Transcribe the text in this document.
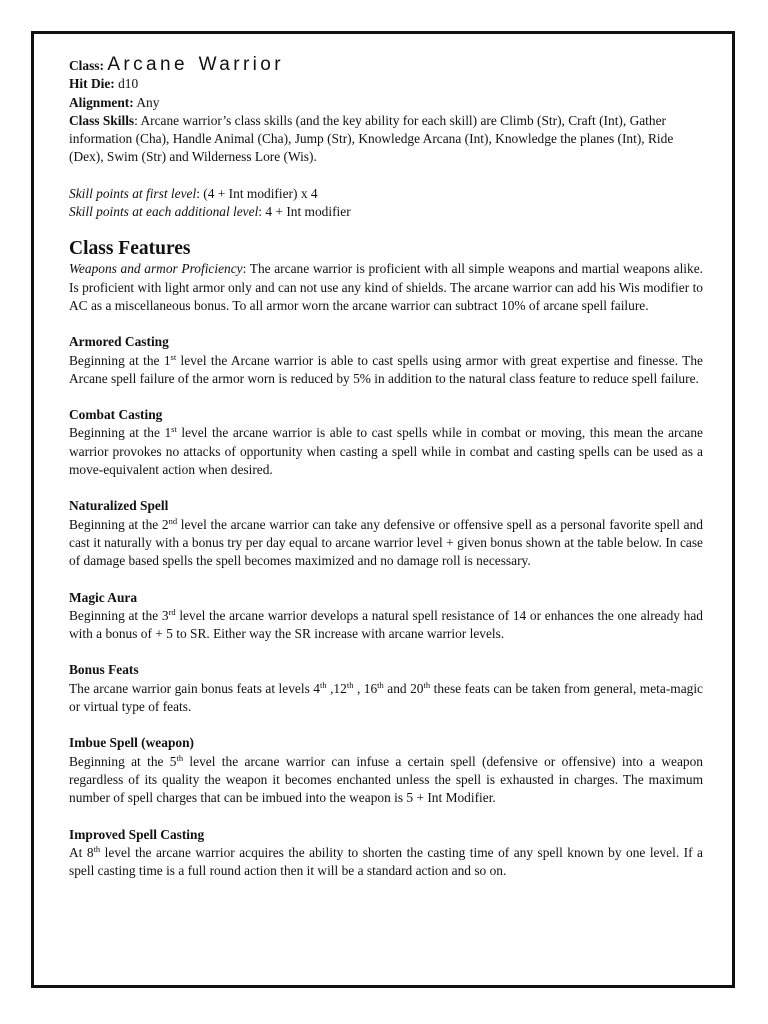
Class: Arcane Warrior

Hit Die: d10

Alignment: Any

Class Skills: Arcane warrior’s class skills (and the key ability for each skill) are Climb (Str), Craft (Int), Gather information (Cha), Handle Animal (Cha), Jump (Str), Knowledge Arcana (Int), Knowledge the planes (Int), Ride (Dex), Swim (Str) and Wilderness Lore (Wis).

Skill points at first level: (4 + Int modifier) x 4

Skill points at each additional level: 4 + Int modifier

Class Features

Weapons and armor Proficiency: The arcane warrior is proficient with all simple weapons and martial weapons alike. Is proficient with light armor only and can not use any kind of shields. The arcane warrior can add his Wis modifier to AC as a miscellaneous bonus. To all armor worn the arcane warrior can subtract 10% of arcane spell failure.

Armored Casting

Beginning at the 1st level the Arcane warrior is able to cast spells using armor with great expertise and finesse. The Arcane spell failure of the armor worn is reduced by 5% in addition to the natural class feature to reduce spell failure.

Combat Casting

Beginning at the 1st level the arcane warrior is able to cast spells while in combat or moving, this mean the arcane warrior provokes no attacks of opportunity when casting a spell while in combat and casting spells can be used as a move-equivalent action when desired.

Naturalized Spell

Beginning at the 2nd level the arcane warrior can take any defensive or offensive spell as a personal favorite spell and cast it naturally with a bonus try per day equal to arcane warrior level + given bonus shown at the table below. In case of damage based spells the spell becomes maximized and no damage roll is necessary.

Magic Aura

Beginning at the 3rd level the arcane warrior develops a natural spell resistance of 14 or enhances the one already had with a bonus of + 5 to SR. Either way the SR increase with arcane warrior levels.

Bonus Feats

The arcane warrior gain bonus feats at levels 4th ,12th , 16th and 20th these feats can be taken from general, meta-magic or virtual type of feats.

Imbue Spell (weapon)

Beginning at the 5th level the arcane warrior can infuse a certain spell (defensive or offensive) into a weapon regardless of its quality the weapon it becomes enchanted unless the spell is exhausted in charges. The maximum number of spell charges that can be imbued into the weapon is 5 + Int Modifier.

Improved Spell Casting

At 8th level the arcane warrior acquires the ability to shorten the casting time of any spell known by one level. If a spell casting time is a full round action then it will be a standard action and so on.
